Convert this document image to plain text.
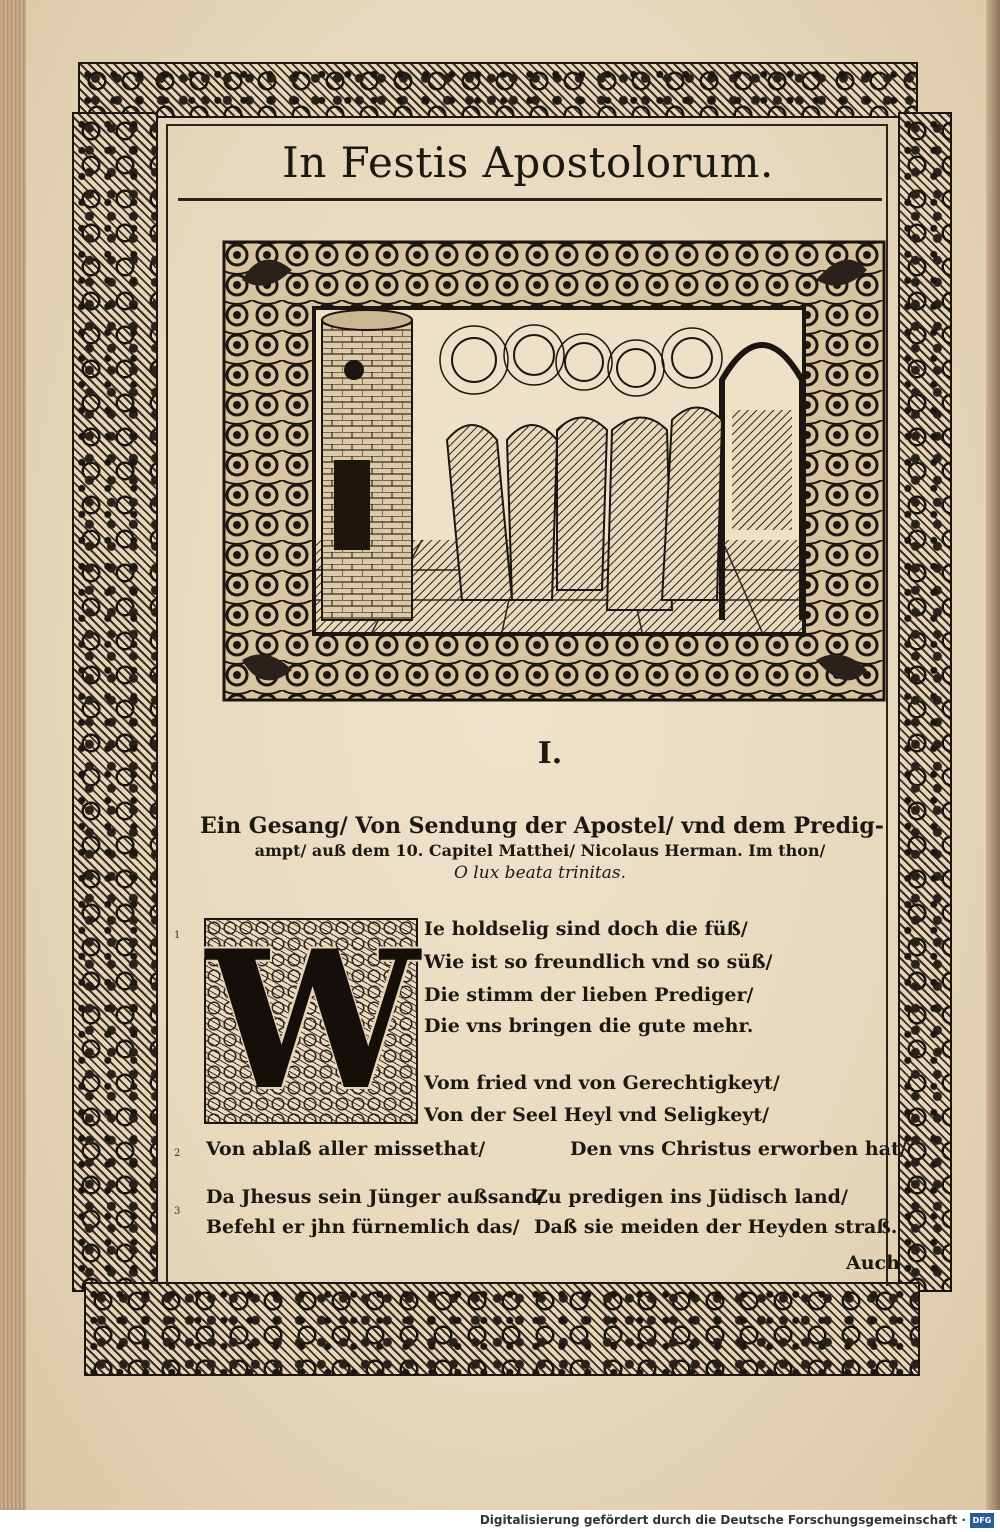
In Festis Apostolorum.
I.
Ein Gesang/ Von Sendung der Apostel/ vnd dem Predig-
ampt/ auß dem 10. Capitel Matthei/ Nicolaus Herman. Im thon/
O lux beata trinitas.
W
1	Ie holdselig sind doch die füß/
Wie ist so freundlich vnd so süß/
Die stimm der lieben Prediger/
Die vns bringen die gute mehr.
Vom fried vnd von Gerechtigkeyt/
Von der Seel Heyl vnd Seligkeyt/
2 Von ablaß aller missethat/	Den vns Christus erworben hat/
3
Da Jhesus sein Jünger außsand/
Zu predigen ins Jüdisch land/
Befehl er jhn fürnemlich das/ Daß sie meiden der Heyden straß.
Auch
Digitalisierung gefördert durch die Deutsche Forschungsgemeinschaft · DFG
